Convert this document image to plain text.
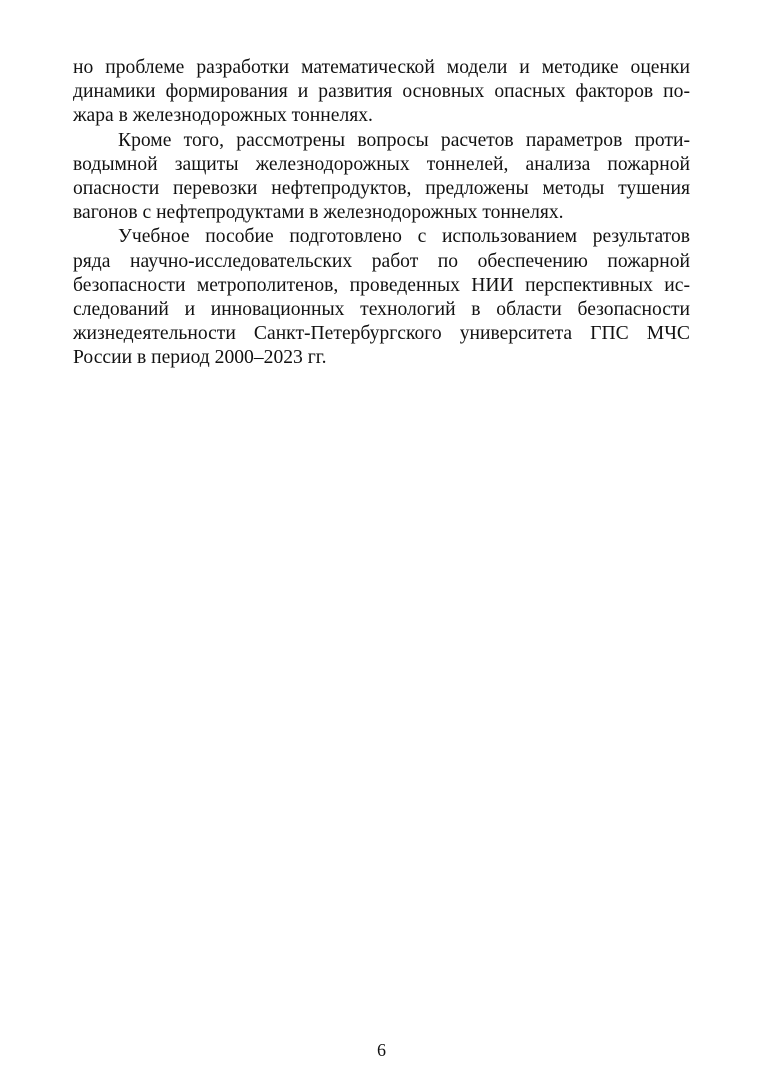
но проблеме разработки математической модели и методике оценки
динамики формирования и развития основных опасных факторов по-
жара в железнодорожных тоннелях.
Кроме того, рассмотрены вопросы расчетов параметров проти-
водымной защиты железнодорожных тоннелей, анализа пожарной
опасности перевозки нефтепродуктов, предложены методы тушения
вагонов с нефтепродуктами в железнодорожных тоннелях.
Учебное пособие подготовлено с использованием результатов
ряда научно-исследовательских работ по обеспечению пожарной
безопасности метрополитенов, проведенных НИИ перспективных ис-
следований и инновационных технологий в области безопасности
жизнедеятельности Санкт-Петербургского университета ГПС МЧС
России в период 2000–2023 гг.
6
